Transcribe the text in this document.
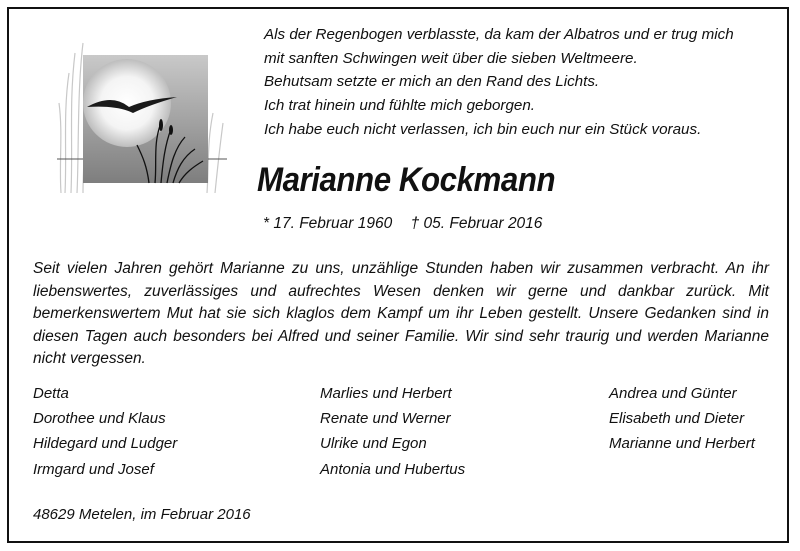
Als der Regenbogen verblasste, da kam der Albatros und er trug mich
mit sanften Schwingen weit über die sieben Weltmeere.
Behutsam setzte er mich an den Rand des Lichts.
Ich trat hinein und fühlte mich geborgen.
Ich habe euch nicht verlassen, ich bin euch nur ein Stück voraus.
Marianne Kockmann
* 17. Februar 1960 † 05. Februar 2016
Seit vielen Jahren gehört Marianne zu uns, unzählige Stunden haben wir zusammen verbracht. An ihr liebenswertes, zuverlässiges und aufrechtes Wesen denken wir gerne und dankbar zurück. Mit bemerkenswertem Mut hat sie sich klaglos dem Kampf um ihr Leben gestellt. Unsere Gedanken sind in diesen Tagen auch besonders bei Alfred und seiner Familie. Wir sind sehr traurig und werden Marianne nicht vergessen.
Detta
Dorothee und Klaus
Hildegard und Ludger
Irmgard und Josef
Marlies und Herbert
Renate und Werner
Ulrike und Egon
Antonia und Hubertus
Andrea und Günter
Elisabeth und Dieter
Marianne und Herbert
48629 Metelen, im Februar 2016
